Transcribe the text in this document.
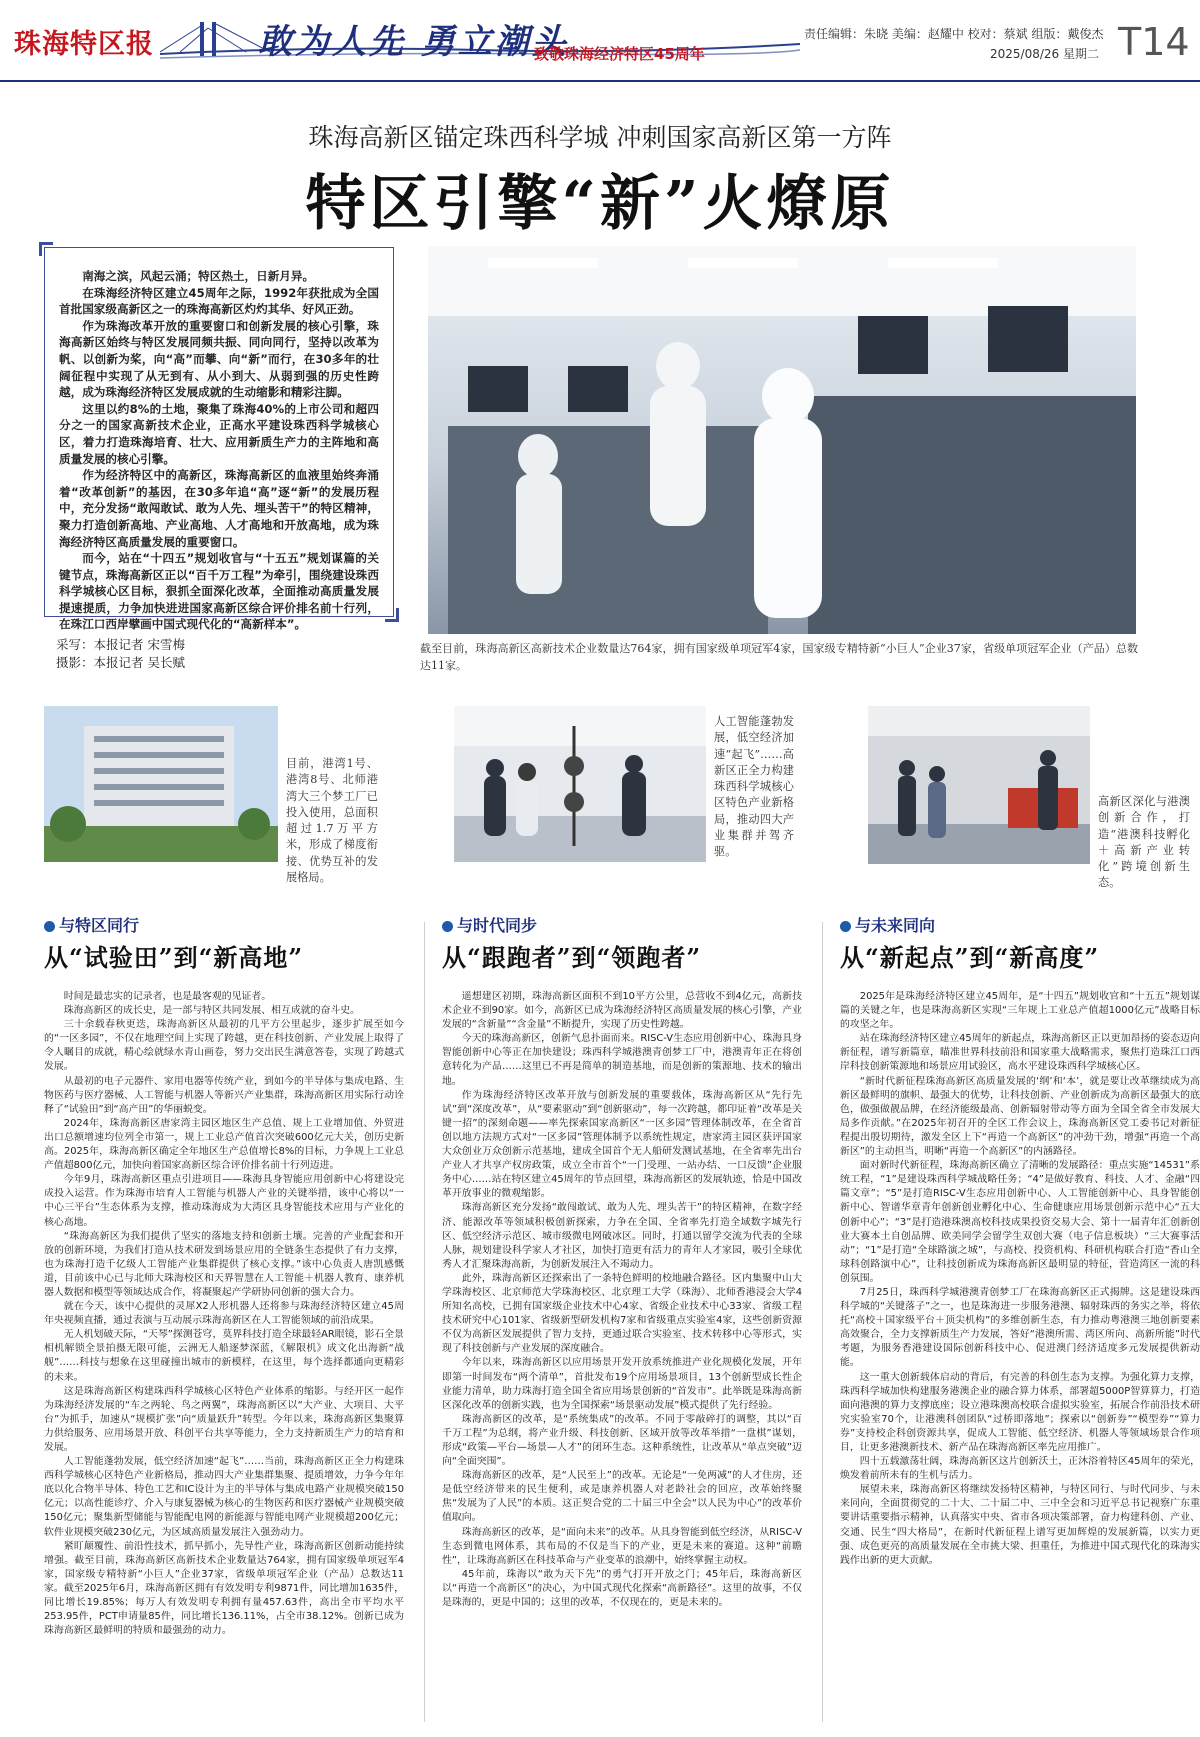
珠海特区报	敢为人先 勇立潮头
致敬珠海经济特区45周年
责任编辑：朱晓 美编：赵耀中 校对：蔡斌 组版：戴俊杰
2025/08/26 星期二 T14
珠海高新区锚定珠西科学城 冲刺国家高新区第一方阵
特区引擎“新”火燎原

南海之滨，风起云涌；特区热土，日新月异。

在珠海经济特区建立45周年之际，1992年获批成为全国首批国家级高新区之一的珠海高新区灼灼其华、好风正劲。

作为珠海改革开放的重要窗口和创新发展的核心引擎，珠海高新区始终与特区发展同频共振、同向同行，坚持以改革为帆、以创新为桨，向“高”而攀、向“新”而行，在30多年的壮阔征程中实现了从无到有、从小到大、从弱到强的历史性跨越，成为珠海经济特区发展成就的生动缩影和精彩注脚。

这里以约8%的土地，聚集了珠海40%的上市公司和超四分之一的国家高新技术企业，正高水平建设珠西科学城核心区，着力打造珠海培育、壮大、应用新质生产力的主阵地和高质量发展的核心引擎。

作为经济特区中的高新区，珠海高新区的血液里始终奔涌着“改革创新”的基因，在30多年追“高”逐“新”的发展历程中，充分发扬“敢闯敢试、敢为人先、埋头苦干”的特区精神，聚力打造创新高地、产业高地、人才高地和开放高地，成为珠海经济特区高质量发展的重要窗口。

而今，站在“十四五”规划收官与“十五五”规划谋篇的关键节点，珠海高新区正以“百千万工程”为牵引，围绕建设珠西科学城核心区目标，狠抓全面深化改革，全面推动高质量发展提速提质，力争加快进进国家高新区综合评价排名前十行列，在珠江口西岸擘画中国式现代化的“高新样本”。

采写：本报记者 宋雪梅
摄影：本报记者 吴长赋
截至目前，珠海高新区高新技术企业数量达764家，拥有国家级单项冠军4家，国家级专精特新“小巨人”企业37家，省级单项冠军企业（产品）总数达11家。
目前，港湾1号、港湾8号、北师港湾大三个梦工厂已投入使用，总面积超过1.7万平方米，形成了梯度衔接、优势互补的发展格局。
人工智能蓬勃发展，低空经济加速“起飞”……高新区正全力构建珠西科学城核心区特色产业新格局，推动四大产业集群并驾齐驱。
高新区深化与港澳创新合作，打造“港澳科技孵化＋高新产业转化”跨境创新生态。
与特区同行
从“试验田”到“新高地”

时间是最忠实的记录者，也是最客观的见证者。

珠海高新区的成长史，是一部与特区共同发展、相互成就的奋斗史。

三十余载春秋更迭，珠海高新区从最初的几平方公里起步，逐步扩展至如今的“一区多园”，不仅在地理空间上实现了跨越，更在科技创新、产业发展上取得了令人瞩目的成就，精心绘就绿水青山画卷，努力交出民生满意答卷，实现了跨越式发展。

从最初的电子元器件、家用电器等传统产业，到如今的半导体与集成电路、生物医药与医疗器械、人工智能与机器人等新兴产业集群，珠海高新区用实际行动诠释了“试验田”到“高产田”的华丽蜕变。

2024年，珠海高新区唐家湾主园区地区生产总值、规上工业增加值、外贸进出口总额增速均位列全市第一，规上工业总产值首次突破600亿元大关，创历史新高。2025年，珠海高新区确定全年地区生产总值增长8%的目标，力争规上工业总产值超800亿元，加快向着国家高新区综合评价排名前十行列迈进。

今年9月，珠海高新区重点引进项目——珠海具身智能应用创新中心将建设完成投入运营。作为珠海市培育人工智能与机器人产业的关键举措，该中心将以“一中心三平台”生态体系为支撑，推动珠海成为大湾区具身智能技术应用与产业化的核心高地。

“珠海高新区为我们提供了坚实的落地支持和创新土壤。完善的产业配套和开放的创新环境，为我们打造从技术研发到场景应用的全链条生态提供了有力支撑，也为珠海打造千亿级人工智能产业集群提供了核心支撑。”该中心负责人唐凯感慨道，目前该中心已与北师大珠海校区和天界智慧在人工智能＋机器人教育、康养机器人数据和模型等领域达成合作，将凝聚起产学研协同创新的强大合力。

就在今天，该中心提供的灵犀X2人形机器人还将参与珠海经济特区建立45周年央视频直播，通过表演与互动展示珠海高新区在人工智能领域的前沿成果。

无人机划破天际，“天琴”探测苍穹，莫界科技打造全球最轻AR眼镜，影石全景相机解锁全景拍摄无限可能，云洲无人船逐梦深蓝，《解限机》成文化出海新“战舰”……科技与想象在这里碰撞出城市的新模样，在这里，每个选择都通向更精彩的未来。

这是珠海高新区构建珠西科学城核心区特色产业体系的缩影。与经开区一起作为珠海经济发展的“车之两轮、鸟之两翼”，珠海高新区以“大产业、大项目、大平台”为抓手，加速从“规模扩张”向“质量跃升”转型。今年以来，珠海高新区集聚算力供给服务、应用场景开放、科创平台共享等能力，全力支持新质生产力的培育和发展。

人工智能蓬勃发展，低空经济加速“起飞”……当前，珠海高新区正全力构建珠西科学城核心区特色产业新格局，推动四大产业集群集聚、提质增效，力争今年年底以化合物半导体、特色工艺和IC设计为主的半导体与集成电路产业规模突破150亿元；以高性能诊疗、介入与康复器械为核心的生物医药和医疗器械产业规模突破150亿元；聚集新型储能与智能配电网的新能源与智能电网产业规模超200亿元；软件业规模突破230亿元，为区域高质量发展注入强劲动力。

紧盯颠覆性、前沿性技术，抓早抓小，先导性产业，珠海高新区创新动能持续增强。截至目前，珠海高新区高新技术企业数量达764家，拥有国家级单项冠军4家，国家级专精特新“小巨人”企业37家，省级单项冠军企业（产品）总数达11家。截至2025年6月，珠海高新区拥有有效发明专利9871件，同比增加1635件，同比增长19.85%；每万人有效发明专利拥有量457.63件，高出全市平均水平253.95件，PCT申请量85件，同比增长136.11%，占全市38.12%。创新已成为珠海高新区最鲜明的特质和最强劲的动力。

与时代同步
从“跟跑者”到“领跑者”

遥想建区初期，珠海高新区面积不到10平方公里，总营收不到4亿元，高新技术企业不到90家。如今，高新区已成为珠海经济特区高质量发展的核心引擎，产业发展的“含新量”“含金量”不断提升，实现了历史性跨越。

今天的珠海高新区，创新气息扑面而来。RISC-V生态应用创新中心、珠海具身智能创新中心等正在加快建设；珠西科学城港澳青创梦工厂中，港澳青年正在将创意转化为产品……这里已不再是简单的制造基地，而是创新的策源地、技术的输出地。

作为珠海经济特区改革开放与创新发展的重要载体，珠海高新区从“先行先试”到“深度改革”，从“要素驱动”到“创新驱动”，每一次跨越，都印证着“改革是关键一招”的深刻命题——率先探索国家高新区“一区多园”管理体制改革，在全省首创以地方法规方式对“一区多园”管理体制予以系统性规定，唐家湾主园区获评国家大众创业万众创新示范基地，建成全国首个无人船研发测试基地，在全省率先出台产业人才共享产权房政策，成立全市首个“一门受理、一站办结、一口反馈”企业服务中心……站在特区建立45周年的节点回望，珠海高新区的发展轨迹，恰是中国改革开放事业的微观缩影。

珠海高新区充分发扬“敢闯敢试、敢为人先、埋头苦干”的特区精神，在数字经济、能源改革等领域积极创新探索，力争在全国、全省率先打造全域数字城先行区、低空经济示范区、城市级微电网破冰区。同时，打通以留学交流为代表的全球人脉，规划建设科学家人才社区，加快打造更有活力的青年人才家园，吸引全球优秀人才汇聚珠海高新，为创新发展注入不竭动力。

此外，珠海高新区还探索出了一条特色鲜明的校地融合路径。区内集聚中山大学珠海校区、北京师范大学珠海校区、北京理工大学（珠海）、北师香港浸会大学4所知名高校，已拥有国家级企业技术中心4家、省级企业技术中心33家、省级工程技术研究中心101家、省级新型研发机构7家和省级重点实验室4家，这些创新资源不仅为高新区发展提供了智力支持，更通过联合实验室、技术转移中心等形式，实现了科技创新与产业发展的深度融合。

今年以来，珠海高新区以应用场景开发开放系统推进产业化规模化发展，开年即第一时间发布“两个清单”，首批发布19个应用场景项目，13个创新型成长性企业能力清单，助力珠海打造全国全省应用场景创新的“首发市”。此举既是珠海高新区深化改革的创新实践，也为全国探索“场景驱动发展”模式提供了先行经验。

珠海高新区的改革，是“系统集成”的改革。不同于零敲碎打的调整，其以“百千万工程”为总纲，将产业升级、科技创新、区域开放等改革举措“一盘棋”谋划，形成“政策—平台—场景—人才”的闭环生态。这种系统性，让改革从“单点突破”迈向“全面突围”。

珠海高新区的改革，是“人民至上”的改革。无论是“一免两减”的人才住房，还是低空经济带来的民生便利，或是康养机器人对老龄社会的回应，改革始终聚焦“发展为了人民”的本质。这正契合党的二十届三中全会“以人民为中心”的改革价值取向。

珠海高新区的改革，是“面向未来”的改革。从具身智能到低空经济，从RISC-V生态到微电网体系，其布局的不仅是当下的产业，更是未来的赛道。这种“前瞻性”，让珠海高新区在科技革命与产业变革的浪潮中，始终掌握主动权。

45年前，珠海以“敢为天下先”的勇气打开开放之门；45年后，珠海高新区以“再造一个高新区”的决心，为中国式现代化探索“高新路径”。这里的故事，不仅是珠海的，更是中国的；这里的改革，不仅现在的，更是未来的。

与未来同向
从“新起点”到“新高度”

2025年是珠海经济特区建立45周年，是“十四五”规划收官和“十五五”规划谋篇的关键之年，也是珠海高新区实现“三年规上工业总产值超1000亿元”战略目标的攻坚之年。

站在珠海经济特区建立45周年的新起点，珠海高新区正以更加昂扬的姿态迈向新征程，谱写新篇章，瞄准世界科技前沿和国家重大战略需求，聚焦打造珠江口西岸科技创新策源地和场景应用试验区，高水平建设珠西科学城核心区。

“新时代新征程珠海高新区高质量发展的‘纲’和‘本’，就是要让改革继续成为高新区最鲜明的旗帜、最强大的优势，让科技创新、产业创新成为高新区最强大的底色，做强做靓品牌，在经济能级最高、创新辐射带动等方面为全国全省全市发展大局多作贡献。”在2025年初召开的全区工作会议上，珠海高新区党工委书记对新征程提出殷切期待，激发全区上下“再造一个高新区”的冲劲干劲，增强“再造一个高新区”的主动担当，明晰“再造一个高新区”的内涵路径。

面对新时代新征程，珠海高新区确立了清晰的发展路径：重点实施“14531”系统工程，“1”是建设珠西科学城战略任务；“4”是做好教育、科技、人才、金融“四篇文章”；“5”是打造RISC-V生态应用创新中心、人工智能创新中心、具身智能创新中心、智谱华章青年创新创业孵化中心、生命健康应用场景创新示范中心“五大创新中心”；“3”是打造港珠澳高校科技成果投资交易大会、第十一届青年汇创新创业大赛本土自创品牌、欧美同学会留学生双创大赛（电子信息板块）“三大赛事活动”；“1”是打造“全球路演之城”，与高校、投资机构、科研机构联合打造“香山全球科创路演中心”，让科技创新成为珠海高新区最明显的特征，营造湾区一流的科创氛围。

7月25日，珠西科学城港澳青创梦工厂在珠海高新区正式揭牌。这是建设珠西科学城的“关键落子”之一，也是珠海进一步服务港澳、辐射珠西的务实之举，将依托“高校＋国家级平台＋顶尖机构”的多维创新生态，有力推动粤港澳三地创新要素高效聚合，全力支撑新质生产力发展，答好“港澳所需、湾区所向、高新所能”时代考题，为服务香港建设国际创新科技中心、促进澳门经济适度多元发展提供新动能。

这一重大创新载体启动的背后，有完善的科创生态为支撑。为强化算力支撑，珠西科学城加快构建服务港澳企业的融合算力体系，部署超5000P智算算力，打造面向港澳的算力支撑底座；设立港珠澳高校联合虚拟实验室，拓展合作前沿技术研究实验室70个，让港澳科创团队“过桥即落地”；探索以“创新券”“模型券”“算力券”支持校企科创资源共享，促成人工智能、低空经济、机器人等领域场景合作项目，让更多港澳新技术、新产品在珠海高新区率先应用推广。

四十五载激荡壮阔，珠海高新区这片创新沃土，正沐浴着特区45周年的荣光，焕发着前所未有的生机与活力。

展望未来，珠海高新区将继续发扬特区精神，与特区同行、与时代同步、与未来同向，全面贯彻党的二十大、二十届二中、三中全会和习近平总书记视察广东重要讲话重要指示精神，认真落实中央、省市各项决策部署，奋力构建科创、产业、交通、民生“四大格局”，在新时代新征程上谱写更加辉煌的发展新篇，以实力更强、成色更亮的高质量发展在全市挑大梁、担重任，为推进中国式现代化的珠海实践作出新的更大贡献。
